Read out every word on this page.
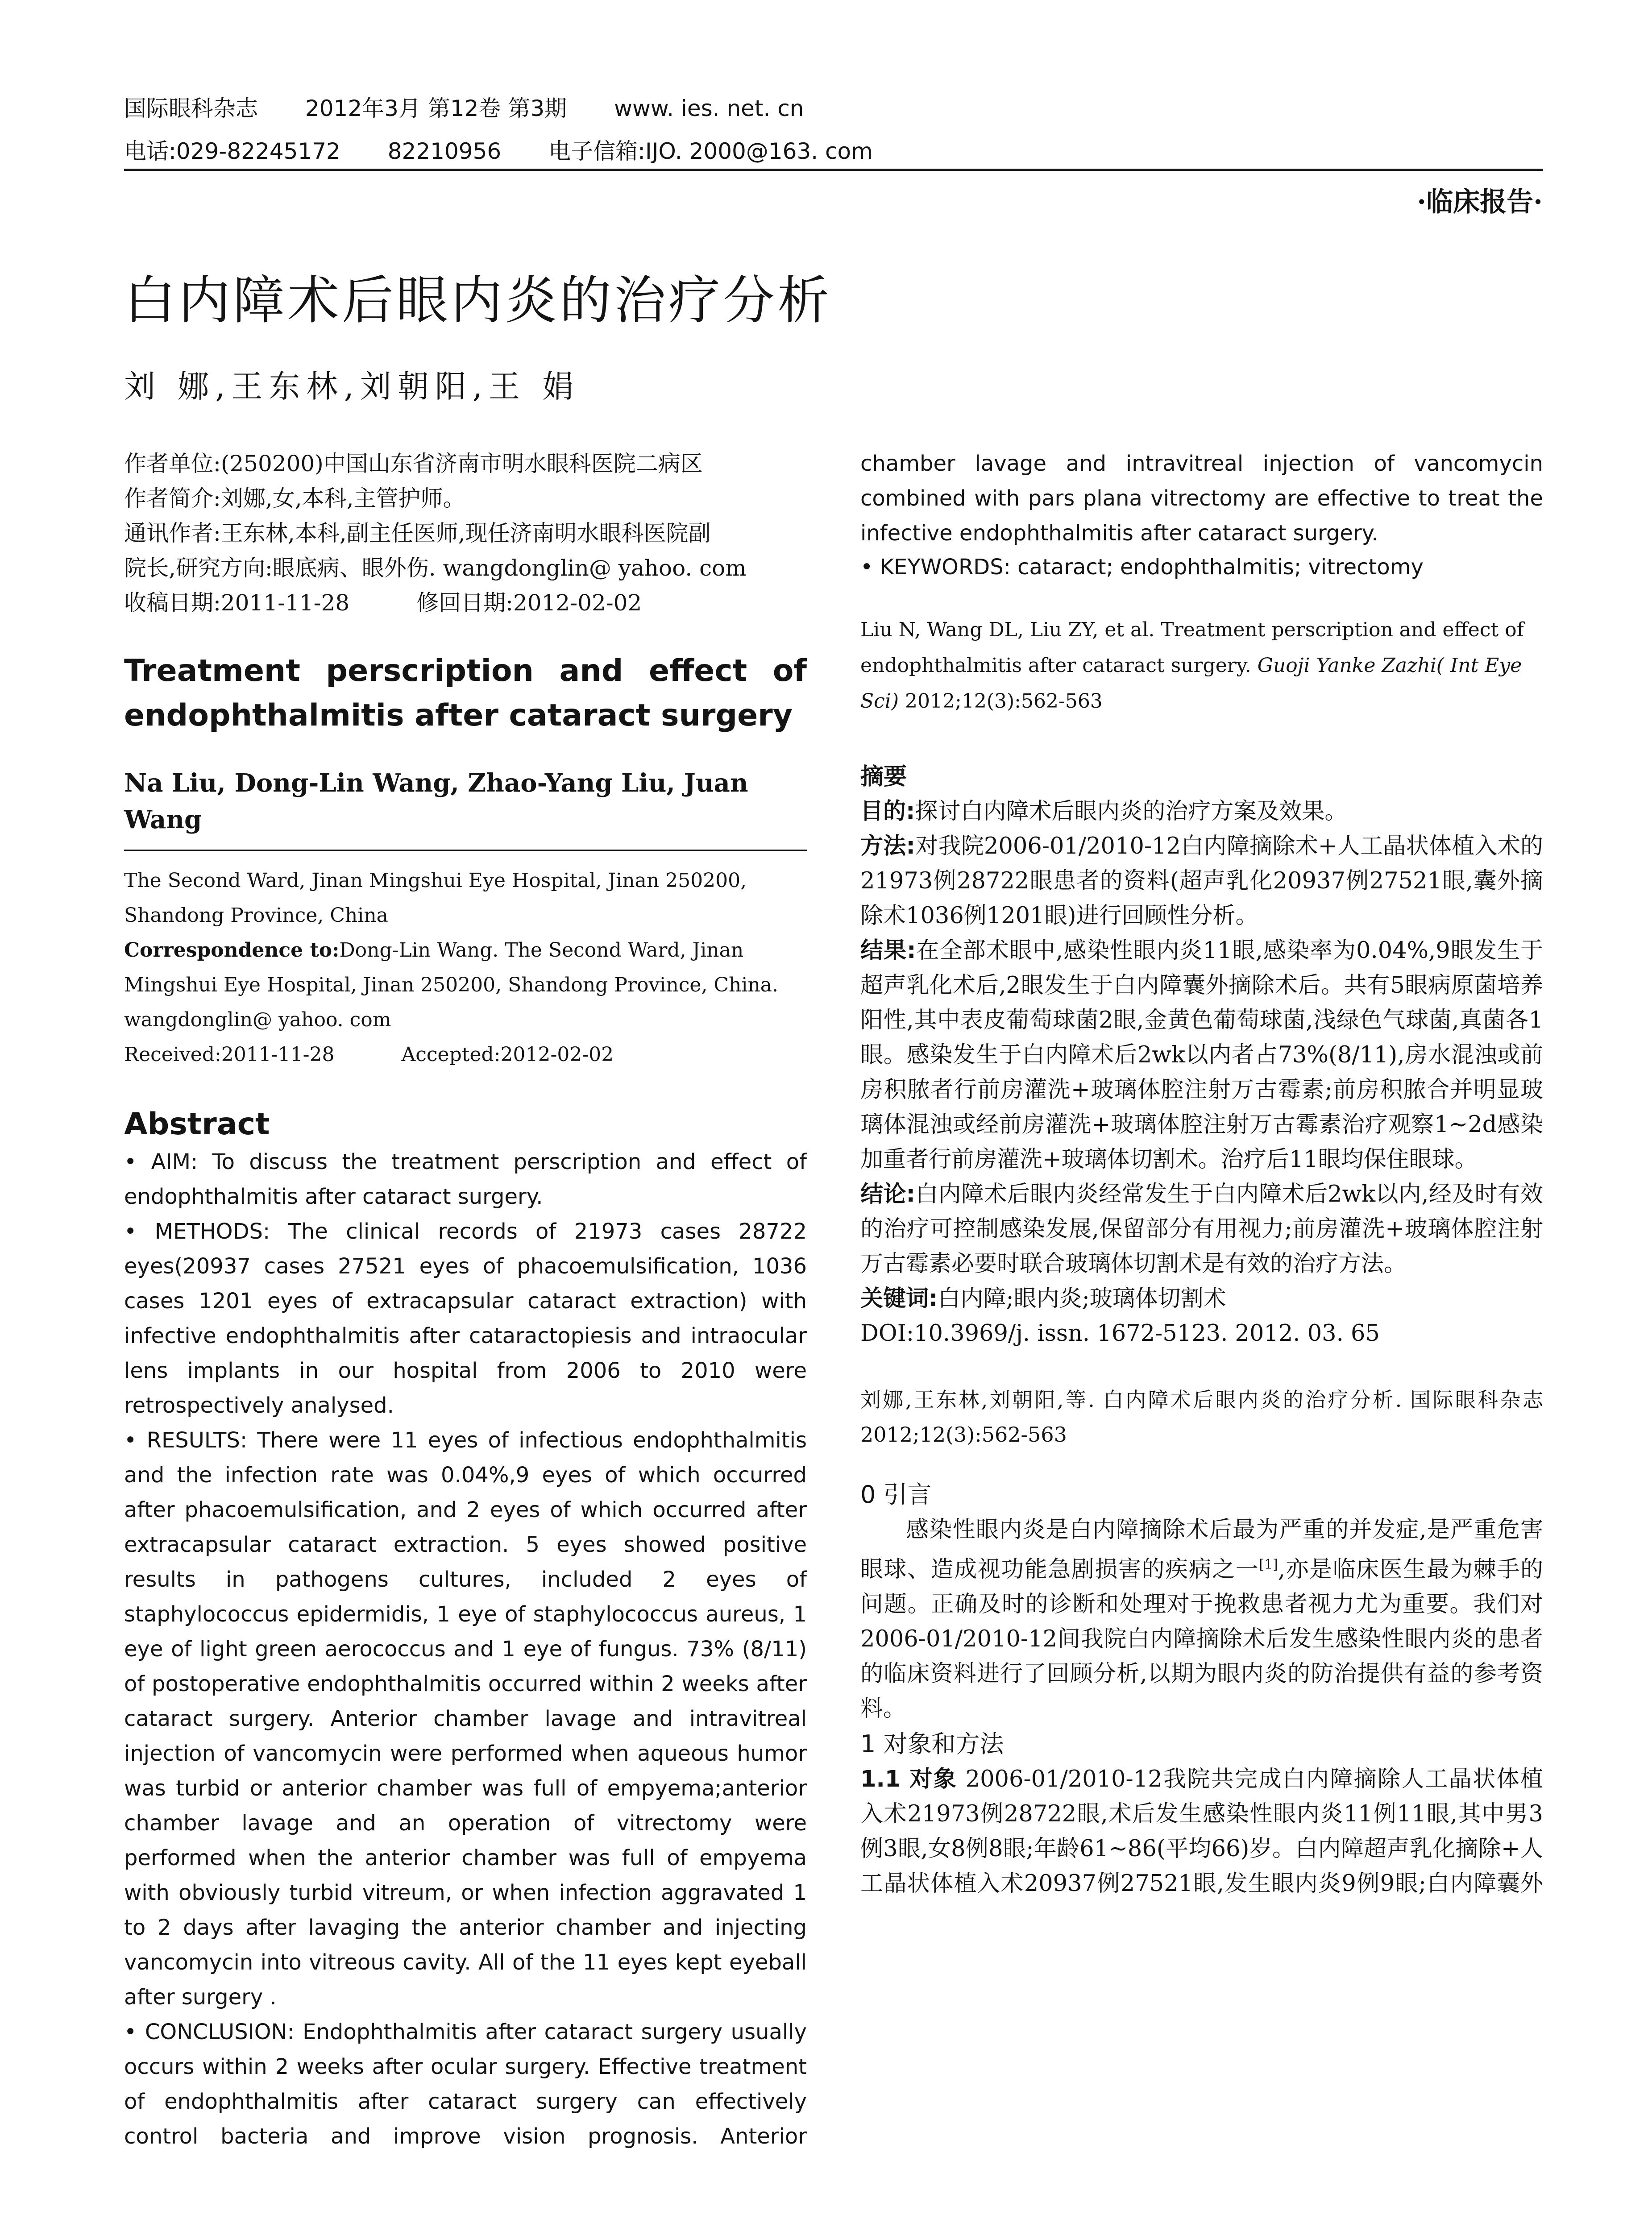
国际眼科杂志 2012年3月 第12卷 第3期 www. ies. net. cn
电话:029-82245172 82210956 电子信箱:IJO. 2000@163. com
·临床报告·
白内障术后眼内炎的治疗分析
刘 娜,王东林,刘朝阳,王 娟

作者单位:(250200)中国山东省济南市明水眼科医院二病区

作者简介:刘娜,女,本科,主管护师。

通讯作者:王东林,本科,副主任医师,现任济南明水眼科医院副

院长,研究方向:眼底病、眼外伤. wangdonglin@ yahoo. com

收稿日期:2011-11-28	修回日期:2012-02-02

Treatment perscription and effect of endophthalmitis after cataract surgery

Na Liu, Dong-Lin Wang, Zhao-Yang Liu, Juan Wang

The Second Ward, Jinan Mingshui Eye Hospital, Jinan 250200, Shandong Province, China

Correspondence to:Dong-Lin Wang. The Second Ward, Jinan Mingshui Eye Hospital, Jinan 250200, Shandong Province, China. wangdonglin@ yahoo. com

Received:2011-11-28	Accepted:2012-02-02

Abstract

• AIM: To discuss the treatment perscription and effect of endophthalmitis after cataract surgery.

• METHODS: The clinical records of 21973 cases 28722 eyes(20937 cases 27521 eyes of phacoemulsification, 1036 cases 1201 eyes of extracapsular cataract extraction) with infective endophthalmitis after cataractopiesis and intraocular lens implants in our hospital from 2006 to 2010 were retrospectively analysed.

• RESULTS: There were 11 eyes of infectious endophthalmitis and the infection rate was 0.04%,9 eyes of which occurred after phacoemulsification, and 2 eyes of which occurred after extracapsular cataract extraction. 5 eyes showed positive results in pathogens cultures, included 2 eyes of staphylococcus epidermidis, 1 eye of staphylococcus aureus, 1 eye of light green aerococcus and 1 eye of fungus. 73% (8/11) of postoperative endophthalmitis occurred within 2 weeks after cataract surgery. Anterior chamber lavage and intravitreal injection of vancomycin were performed when aqueous humor was turbid or anterior chamber was full of empyema;anterior chamber lavage and an operation of vitrectomy were performed when the anterior chamber was full of empyema with obviously turbid vitreum, or when infection aggravated 1 to 2 days after lavaging the anterior chamber and injecting vancomycin into vitreous cavity. All of the 11 eyes kept eyeball after surgery .

• CONCLUSION: Endophthalmitis after cataract surgery usually occurs within 2 weeks after ocular surgery. Effective treatment of endophthalmitis after cataract surgery can effectively control bacteria and improve vision prognosis. Anterior

chamber lavage and intravitreal injection of vancomycin combined with pars plana vitrectomy are effective to treat the infective endophthalmitis after cataract surgery.

• KEYWORDS: cataract; endophthalmitis; vitrectomy

Liu N, Wang DL, Liu ZY, et al. Treatment perscription and effect of endophthalmitis after cataract surgery. Guoji Yanke Zazhi( Int Eye Sci) 2012;12(3):562-563

摘要

目的:探讨白内障术后眼内炎的治疗方案及效果。

方法:对我院2006-01/2010-12白内障摘除术+人工晶状体植入术的21973例28722眼患者的资料(超声乳化20937例27521眼,囊外摘除术1036例1201眼)进行回顾性分析。

结果:在全部术眼中,感染性眼内炎11眼,感染率为0.04%,9眼发生于超声乳化术后,2眼发生于白内障囊外摘除术后。共有5眼病原菌培养阳性,其中表皮葡萄球菌2眼,金黄色葡萄球菌,浅绿色气球菌,真菌各1眼。感染发生于白内障术后2wk以内者占73%(8/11),房水混浊或前房积脓者行前房灌洗+玻璃体腔注射万古霉素;前房积脓合并明显玻璃体混浊或经前房灌洗+玻璃体腔注射万古霉素治疗观察1~2d感染加重者行前房灌洗+玻璃体切割术。治疗后11眼均保住眼球。

结论:白内障术后眼内炎经常发生于白内障术后2wk以内,经及时有效的治疗可控制感染发展,保留部分有用视力;前房灌洗+玻璃体腔注射万古霉素必要时联合玻璃体切割术是有效的治疗方法。

关键词:白内障;眼内炎;玻璃体切割术

DOI:10.3969/j. issn. 1672-5123. 2012. 03. 65

刘娜,王东林,刘朝阳,等. 白内障术后眼内炎的治疗分析. 国际眼科杂志2012;12(3):562-563

0 引言

感染性眼内炎是白内障摘除术后最为严重的并发症,是严重危害眼球、造成视功能急剧损害的疾病之一[1],亦是临床医生最为棘手的问题。正确及时的诊断和处理对于挽救患者视力尤为重要。我们对2006-01/2010-12间我院白内障摘除术后发生感染性眼内炎的患者的临床资料进行了回顾分析,以期为眼内炎的防治提供有益的参考资料。

1 对象和方法

1.1 对象 2006-01/2010-12我院共完成白内障摘除人工晶状体植入术21973例28722眼,术后发生感染性眼内炎11例11眼,其中男3例3眼,女8例8眼;年龄61~86(平均66)岁。白内障超声乳化摘除+人工晶状体植入术20937例27521眼,发生眼内炎9例9眼;白内障囊外
